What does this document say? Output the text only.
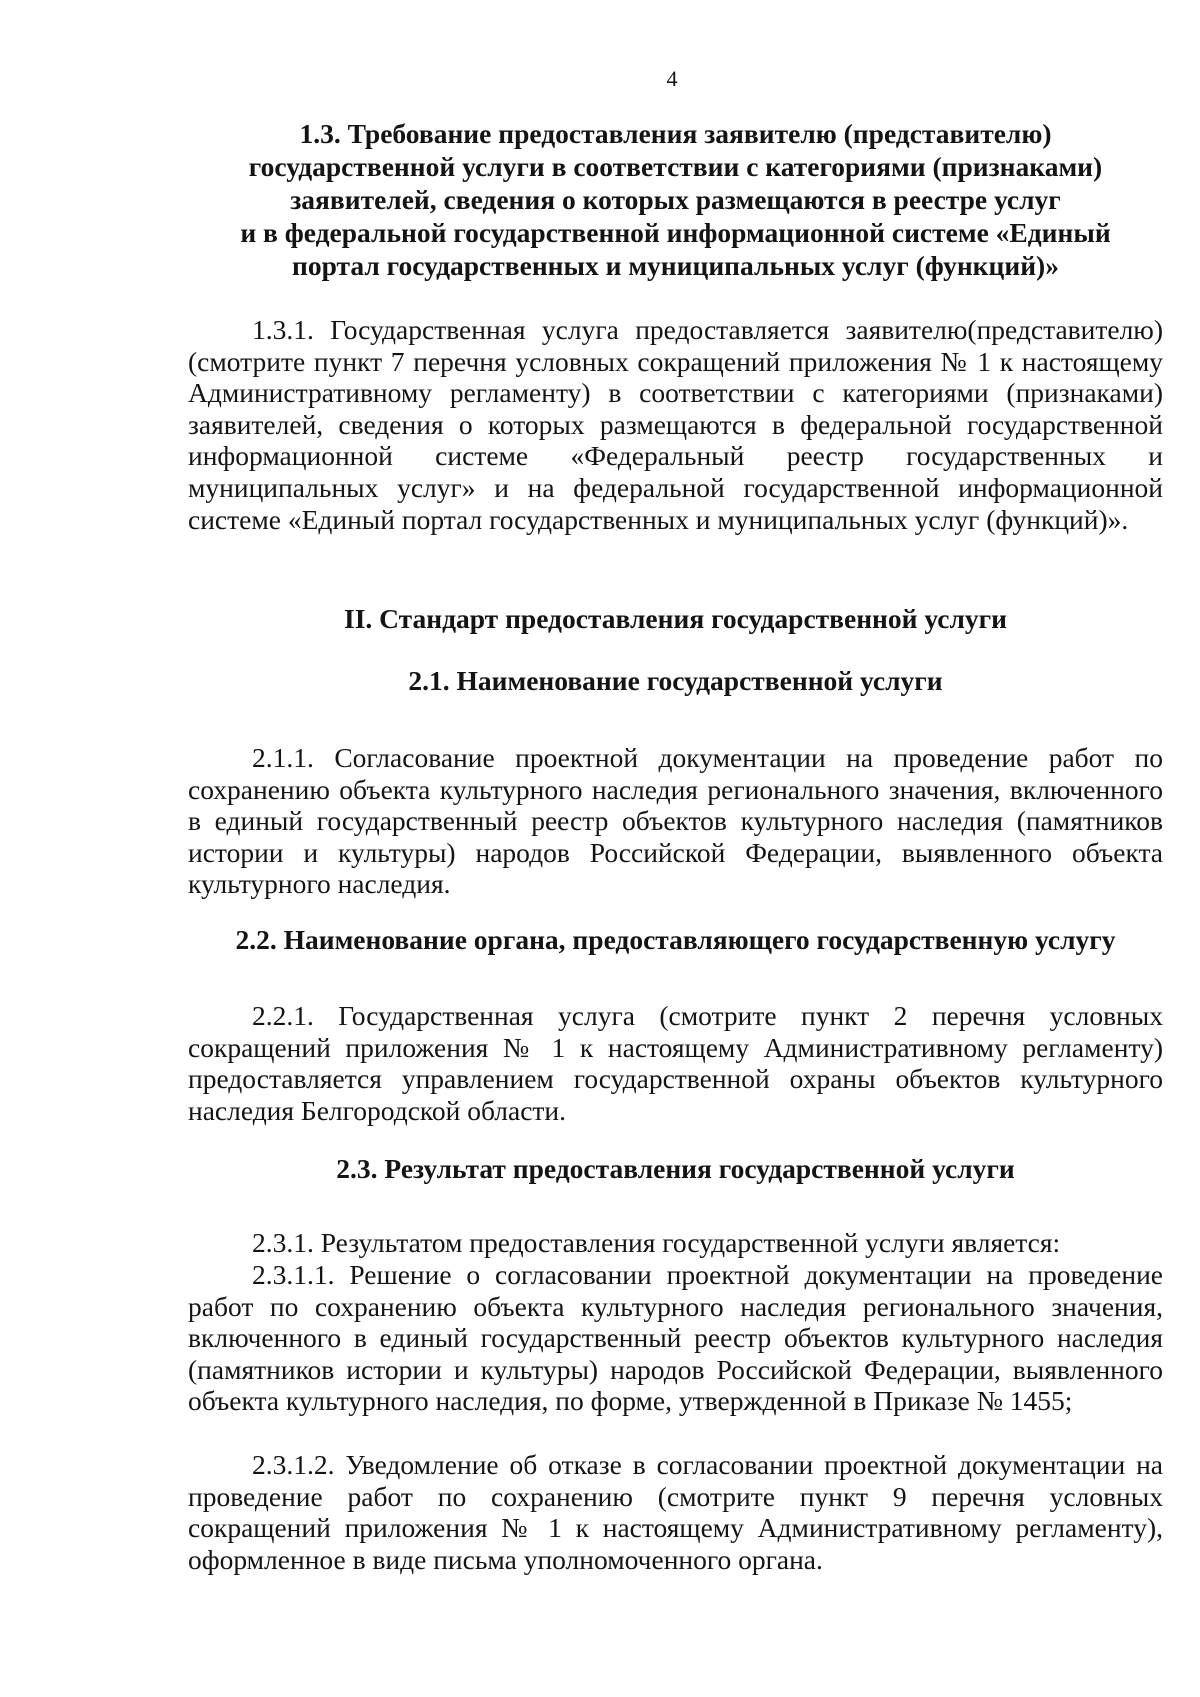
4
1.3. Требование предоставления заявителю (представителю)
государственной услуги в соответствии с категориями (признаками)
заявителей, сведения о которых размещаются в реестре услуг
и в федеральной государственной информационной системе «Единый
портал государственных и муниципальных услуг (функций)»

1.3.1. Государственная услуга предоставляется заявителю(представителю) (смотрите пункт 7 перечня условных сокращений приложения № 1 к настоящему Административному регламенту) в соответствии с категориями (признаками) заявителей, сведения о которых размещаются в федеральной государственной информационной системе «Федеральный реестр государственных и муниципальных услуг» и на федеральной государственной информационной системе «Единый портал государственных и муниципальных услуг (функций)».

II. Стандарт предоставления государственной услуги
2.1. Наименование государственной услуги

2.1.1. Согласование проектной документации на проведение работ по сохранению объекта культурного наследия регионального значения, включенного в единый государственный реестр объектов культурного наследия (памятников истории и культуры) народов Российской Федерации, выявленного объекта культурного наследия.

2.2. Наименование органа, предоставляющего государственную услугу

2.2.1. Государственная услуга (смотрите пункт 2 перечня условных сокращений приложения № 1 к настоящему Административному регламенту) предоставляется управлением государственной охраны объектов культурного наследия Белгородской области.

2.3. Результат предоставления государственной услуги

2.3.1. Результатом предоставления государственной услуги является:

2.3.1.1. Решение о согласовании проектной документации на проведение работ по сохранению объекта культурного наследия регионального значения, включенного в единый государственный реестр объектов культурного наследия (памятников истории и культуры) народов Российской Федерации, выявленного объекта культурного наследия, по форме, утвержденной в Приказе № 1455;

2.3.1.2. Уведомление об отказе в согласовании проектной документации на проведение работ по сохранению (смотрите пункт 9 перечня условных сокращений приложения № 1 к настоящему Административному регламенту), оформленное в виде письма уполномоченного органа.
